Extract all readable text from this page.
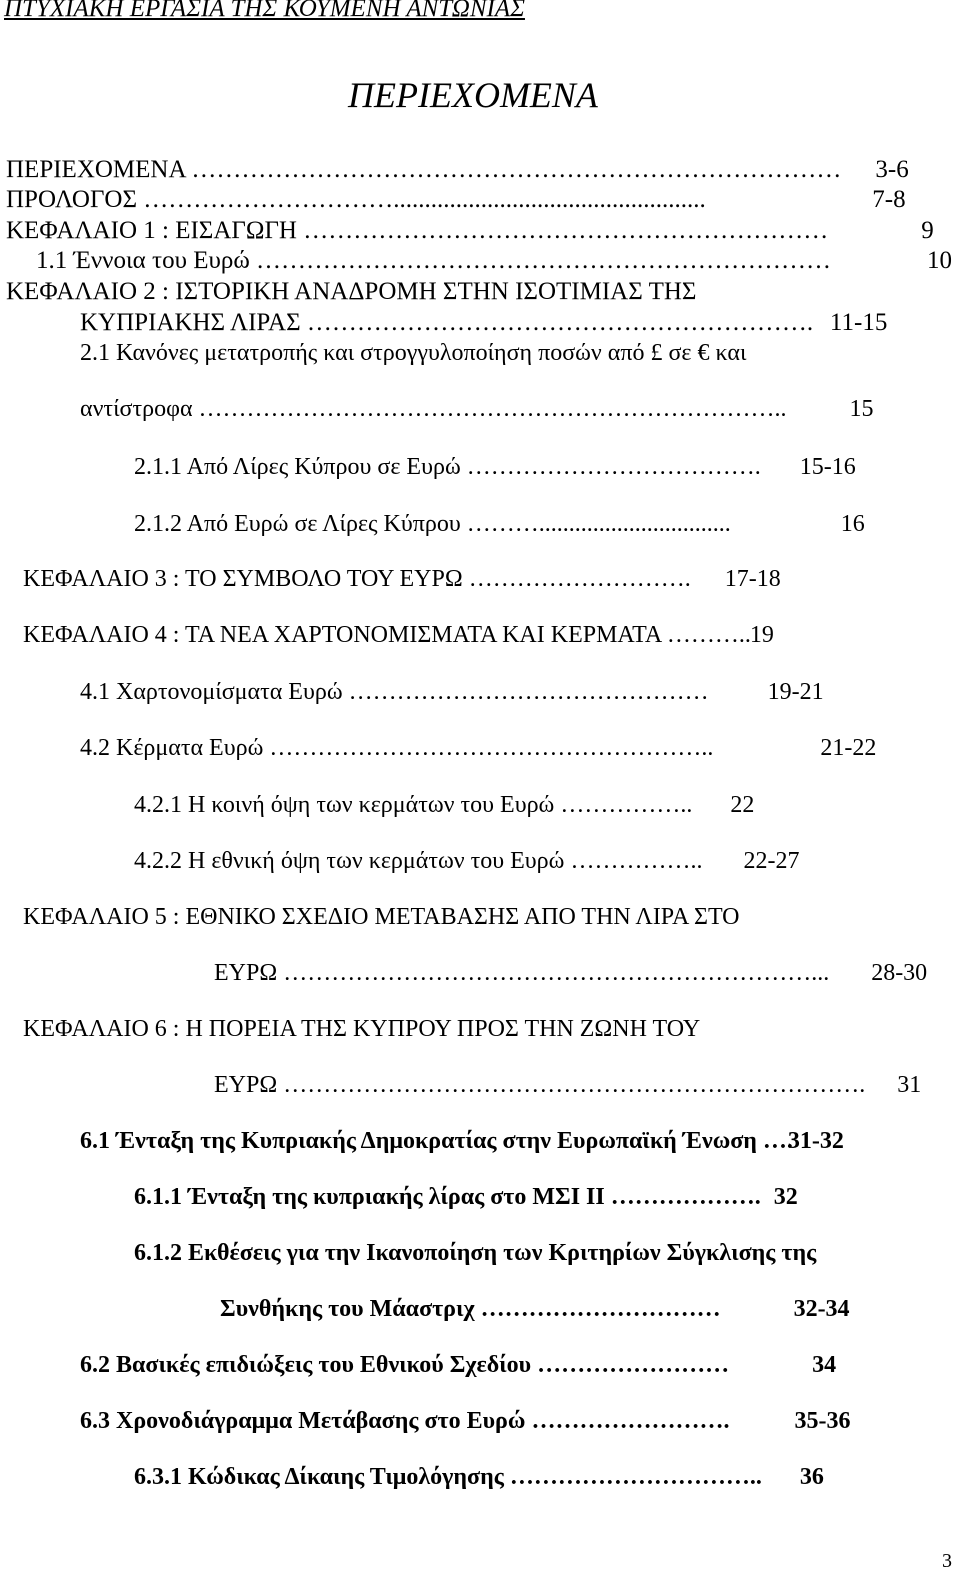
ΠΤΥΧΙΑΚΗ ΕΡΓΑΣΙΑ ΤΗΣ ΚΟΥΜΕΝΗ ΑΝΤΩΝΙΑΣ
ΠΕΡΙΕΧΟΜΕΝΑ
ΠΕΡΙΕΧΟΜΕΝΑ …………………………………………………………………… 3-6
ΠΡΟΛΟΓΟΣ …………………………..................................................	7-8
ΚΕΦΑΛΑΙΟ 1 : ΕΙΣΑΓΩΓΗ ………………………………………………………	9
1.1 Έννοια του Ευρώ ……………………………………………………………	10
ΚΕΦΑΛΑΙΟ 2 : ΙΣΤΟΡΙΚΗ ΑΝΑΔΡΟΜΗ ΣΤΗΝ ΙΣΟΤΙΜΙΑΣ ΤΗΣ
ΚΥΠΡΙΑΚΗΣ ΛΙΡΑΣ ……………………………………………………. 11-15
2.1 Κανόνες μετατροπής και στρογγυλοποίηση ποσών από £ σε € και
αντίστροφα ………………………………………………………………..	15
2.1.1 Από Λίρες Κύπρου σε Ευρώ ………………………………. 15-16
2.1.2 Από Ευρώ σε Λίρες Κύπρου ………................................	16
ΚΕΦΑΛΑΙΟ 3 : ΤΟ ΣΥΜΒΟΛΟ ΤΟΥ ΕΥΡΩ ………………………. 17-18
ΚΕΦΑΛΑΙΟ 4 : ΤΑ ΝΕΑ ΧΑΡΤΟΝΟΜΙΣΜΑΤΑ ΚΑΙ ΚΕΡΜΑΤΑ ………..19
4.1 Χαρτονομίσματα Ευρώ ……………………………………… 19-21
4.2 Κέρματα Ευρώ ………………………………………………..	21-22
4.2.1 Η κοινή όψη των κερμάτων του Ευρώ …………….. 22
4.2.2 Η εθνική όψη των κερμάτων του Ευρώ …………….. 22-27
ΚΕΦΑΛΑΙΟ 5 : ΕΘΝΙΚΟ ΣΧΕΔΙΟ ΜΕΤΑΒΑΣΗΣ ΑΠΟ ΤΗΝ ΛΙΡΑ ΣΤΟ
ΕΥΡΩ …………………………………………………………... 28-30
ΚΕΦΑΛΑΙΟ 6 : Η ΠΟΡΕΙΑ ΤΗΣ ΚΥΠΡΟΥ ΠΡΟΣ ΤΗΝ ΖΩΝΗ ΤΟΥ
ΕΥΡΩ ………………………………………………………………. 31
6.1 Ένταξη της Κυπριακής Δημοκρατίας στην Ευρωπαϊκή Ένωση ….31-32
6.1.1 Ένταξη της κυπριακής λίρας στο ΜΣΙ ΙΙ ………………. 32
6.1.2 Εκθέσεις για την Ικανοποίηση των Κριτηρίων Σύγκλισης της
Συνθήκης του Μάαστριχ …………………………	32-34
6.2 Βασικές επιδιώξεις του Εθνικού Σχεδίου ……………………	34
6.3 Χρονοδιάγραμμα Μετάβασης στο Ευρώ …………………….	35-36
6.3.1 Κώδικας Δίκαιης Τιμολόγησης ………………………….. 36
3
